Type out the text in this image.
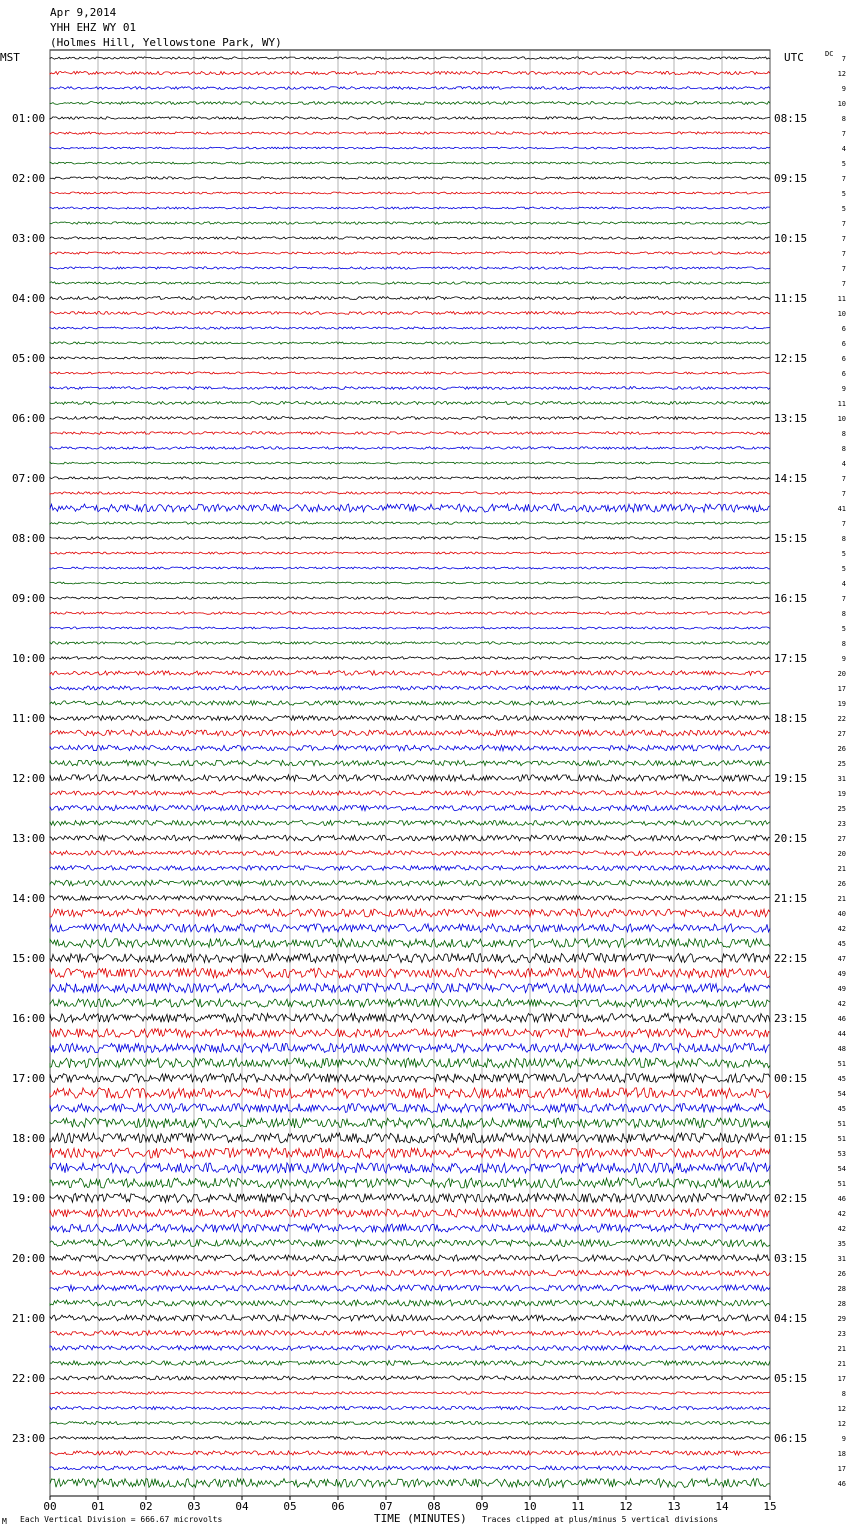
Apr 9,2014
YHH EHZ WY 01
(Holmes Hill, Yellowstone Park, WY)
MST	UTC	DC
01:00
02:00
03:00
04:00
05:00
06:00
07:00
08:00
09:00
10:00
11:00
12:00
13:00
14:00
15:00
16:00
17:00
18:00
19:00
20:00
21:00
22:00
23:00
08:15
09:15
10:15
11:15
12:15
13:15
14:15
15:15
16:15
17:15
18:15
19:15
20:15
21:15
22:15
23:15
00:15
01:15
02:15
03:15
04:15
05:15
06:15
7
12
9
10
8
7
4
5
7
5
5
7
7
7
7
7
11
10
6
6
6
6
9
11
10
8
8
4
7
7
41
7
8
5
5
4
7
8
5
8
9
20
17
19
22
27
26
25
31
19
25
23
27
20
21
26
21
40
42
45
47
49
49
42
46
44
48
51
45
54
45
51
51
53
54
51
46
42
42
35
31
26
28
28
29
23
21
21
17
8
12
12
9
18
17
46
00	01	02	03	04	05	06	07	08	09	10	11	12	13	14	15
M Each Vertical Division = 666.67 microvolts	TIME (MINUTES) Traces clipped at plus/minus 5 vertical divisions
